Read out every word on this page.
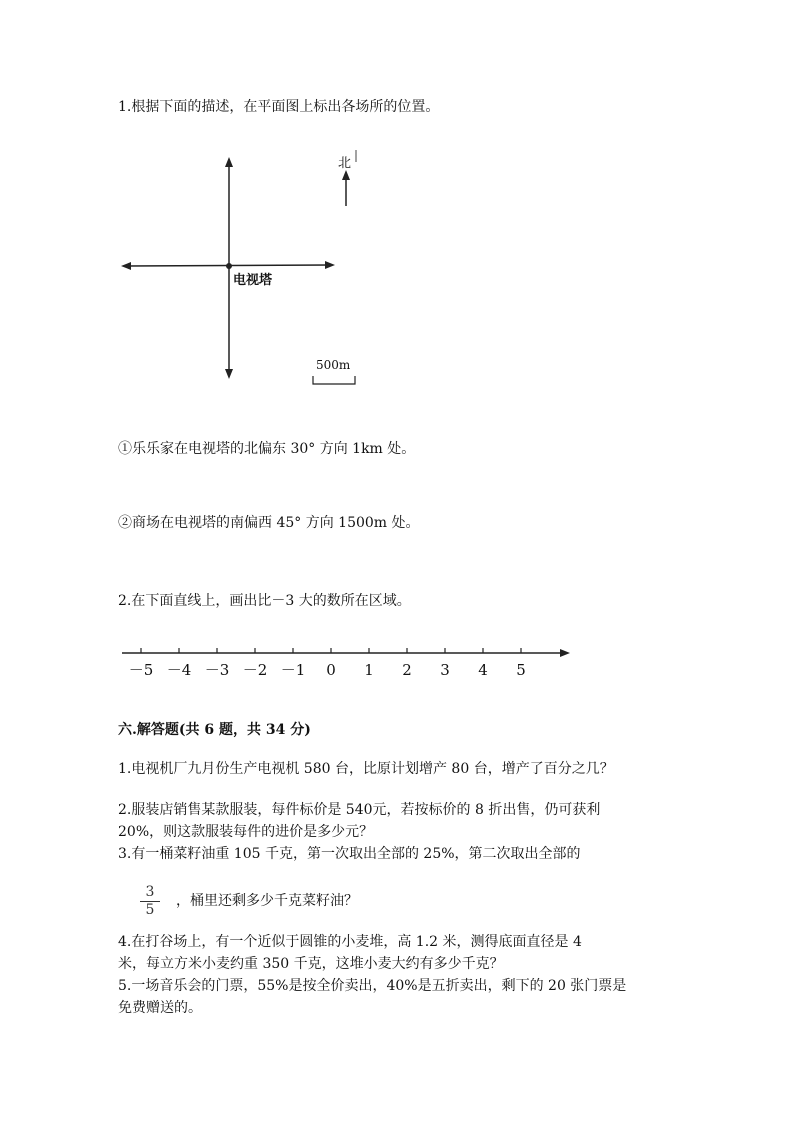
1.根据下面的描述，在平面图上标出各场所的位置。
北
电视塔
500m
①乐乐家在电视塔的北偏东 30° 方向 1km 处。
②商场在电视塔的南偏西 45° 方向 1500m 处。
2.在下面直线上，画出比－3 大的数所在区域。
－5 －4 －3 －2 －1 0 1 2 3 4 5
六.解答题(共 6 题，共 34 分)
1.电视机厂九月份生产电视机 580 台，比原计划增产 80 台，增产了百分之几？
2.服装店销售某款服装，每件标价是 540元，若按标价的 8 折出售，仍可获利
20%，则这款服装每件的进价是多少元？
3.有一桶菜籽油重 105 千克，第一次取出全部的 25%，第二次取出全部的
$\frac{3}{5}$ ，桶里还剩多少千克菜籽油？
4.在打谷场上，有一个近似于圆锥的小麦堆，高 1.2 米，测得底面直径是 4
米，每立方米小麦约重 350 千克，这堆小麦大约有多少千克？
5.一场音乐会的门票，55%是按全价卖出，40%是五折卖出，剩下的 20 张门票是
免费赠送的。
